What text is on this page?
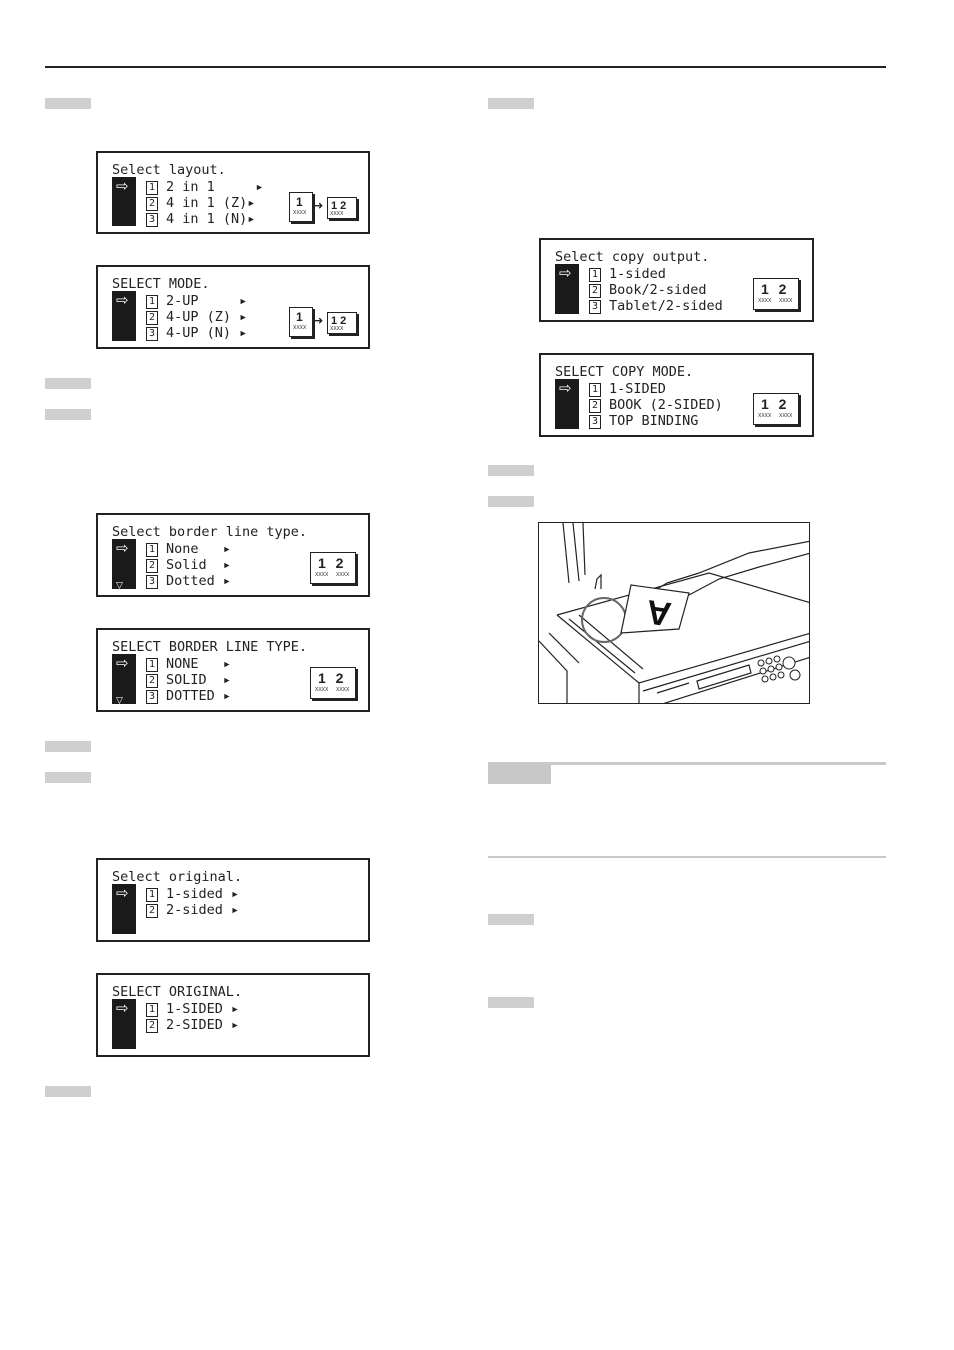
⇨
Select layout.
1 2 in 1     ▸
2 4 in 1 (Z)▸
3 4 in 1 (N)▸
1
XXXX
➜ 1 2
XXXX
⇨
SELECT MODE.
1 2-UP     ▸
2 4-UP (Z) ▸
3 4-UP (N) ▸
1
XXXX
➜ 1 2
XXXX
⇨
▽
Select border line type.
1 None   ▸
2 Solid  ▸
3 Dotted ▸
1 2
XXXX XXXX
⇨
▽
SELECT BORDER LINE TYPE.
1 NONE   ▸
2 SOLID  ▸
3 DOTTED ▸
1 2
XXXX XXXX
⇨
Select original.
1 1-sided ▸
2 2-sided ▸
⇨
SELECT ORIGINAL.
1 1-SIDED ▸
2 2-SIDED ▸
⇨
Select copy output.
1 1-sided
2 Book/2-sided
3 Tablet/2-sided
1 2
XXXX XXXX
⇨
SELECT COPY MODE.
1 1-SIDED
2 BOOK (2-SIDED)
3 TOP BINDING
1 2
XXXX XXXX
A
